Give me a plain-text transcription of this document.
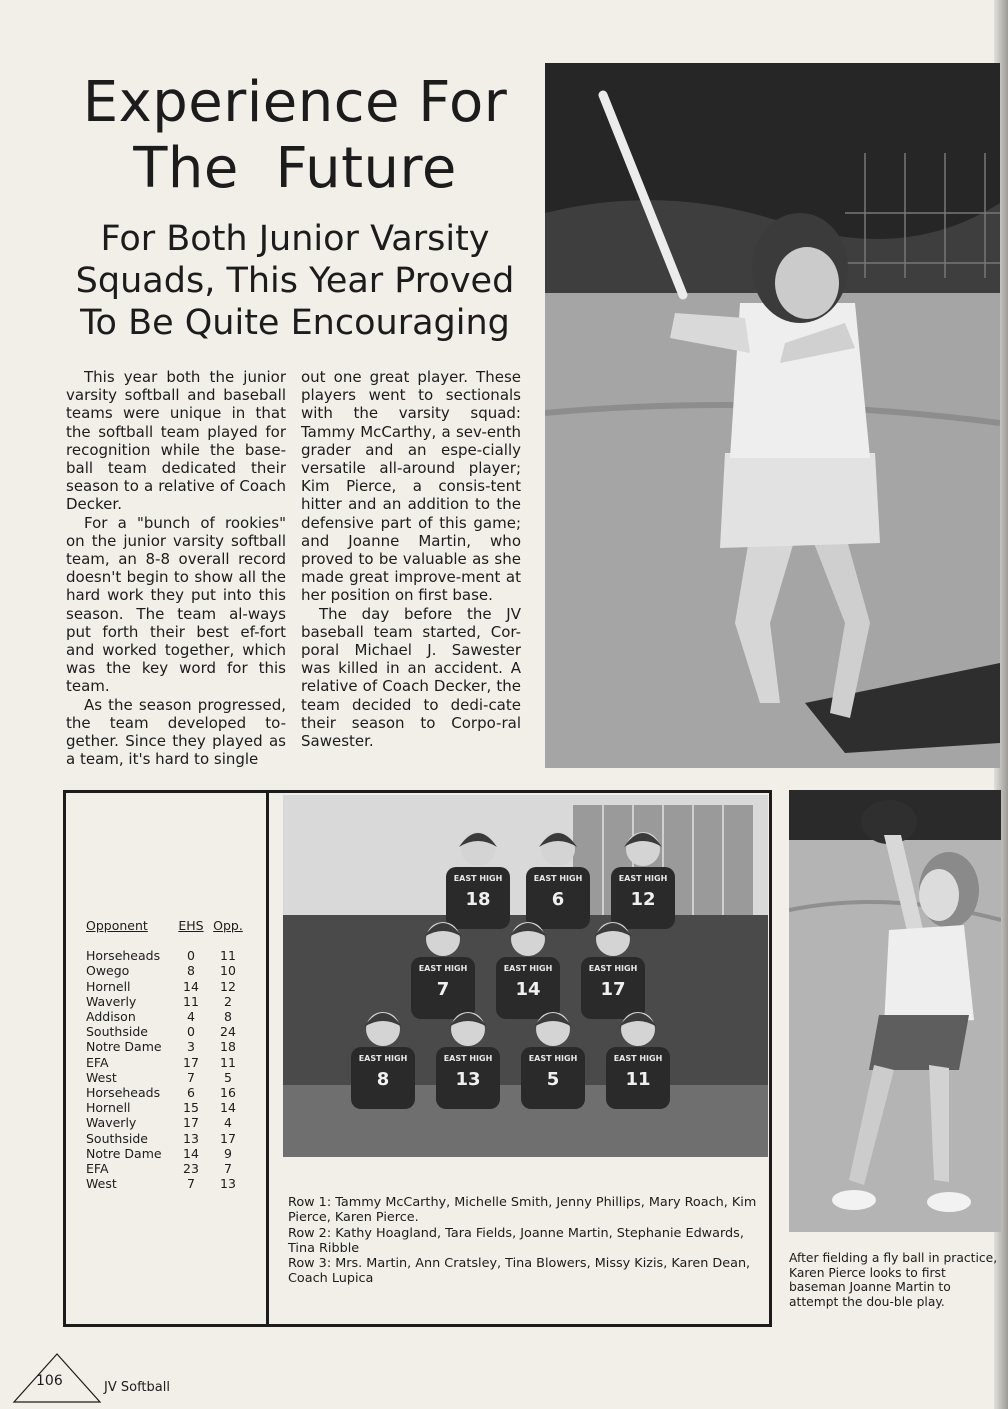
Experience For
The  Future
For Both Junior Varsity
Squads, This Year Proved
To Be Quite Encouraging

This year both the junior varsity softball and baseball teams were unique in that the softball team played for recognition while the base-ball team dedicated their season to a relative of Coach Decker.

For a "bunch of rookies" on the junior varsity softball team, an 8-8 overall record doesn't begin to show all the hard work they put into this season. The team al-ways put forth their best ef-fort and worked together, which was the key word for this team.

As the season progressed, the team developed to-gether. Since they played as a team, it's hard to single

out one great player. These players went to sectionals with the varsity squad: Tammy McCarthy, a sev-enth grader and an espe-cially versatile all-around player; Kim Pierce, a consis-tent hitter and an addition to the defensive part of this game; and Joanne Martin, who proved to be valuable as she made great improve-ment at her position on first base.

The day before the JV baseball team started, Cor-poral Michael J. Sawester was killed in an accident. A relative of Coach Decker, the team decided to dedi-cate their season to Corpo-ral Sawester.

Opponent	EHS Opp.
Horseheads	0	11
Owego	8	10
Hornell	14	12
Waverly	11	2
Addison	4	8
Southside	0	24
Notre Dame	3	18
EFA	17	11
West	7	5
Horseheads	6	16
Hornell	15	14
Waverly	17	4
Southside	13	17
Notre Dame	14	9
EFA	23	7
West	7	13
EAST HIGH
18
EAST HIGH
6
EAST HIGH
12
EAST HIGH
7
EAST HIGH
14
EAST HIGH
17
EAST HIGH
8
EAST HIGH
13
EAST HIGH
5
EAST HIGH
11

Row 1: Tammy McCarthy, Michelle Smith, Jenny Phillips, Mary Roach, Kim Pierce, Karen Pierce.

Row 2: Kathy Hoagland, Tara Fields, Joanne Martin, Stephanie Edwards, Tina Ribble

Row 3: Mrs. Martin, Ann Cratsley, Tina Blowers, Missy Kizis, Karen Dean, Coach Lupica

After fielding a fly ball in practice, Karen Pierce looks to first baseman Joanne Martin to attempt the dou-ble play.

106	JV Softball
